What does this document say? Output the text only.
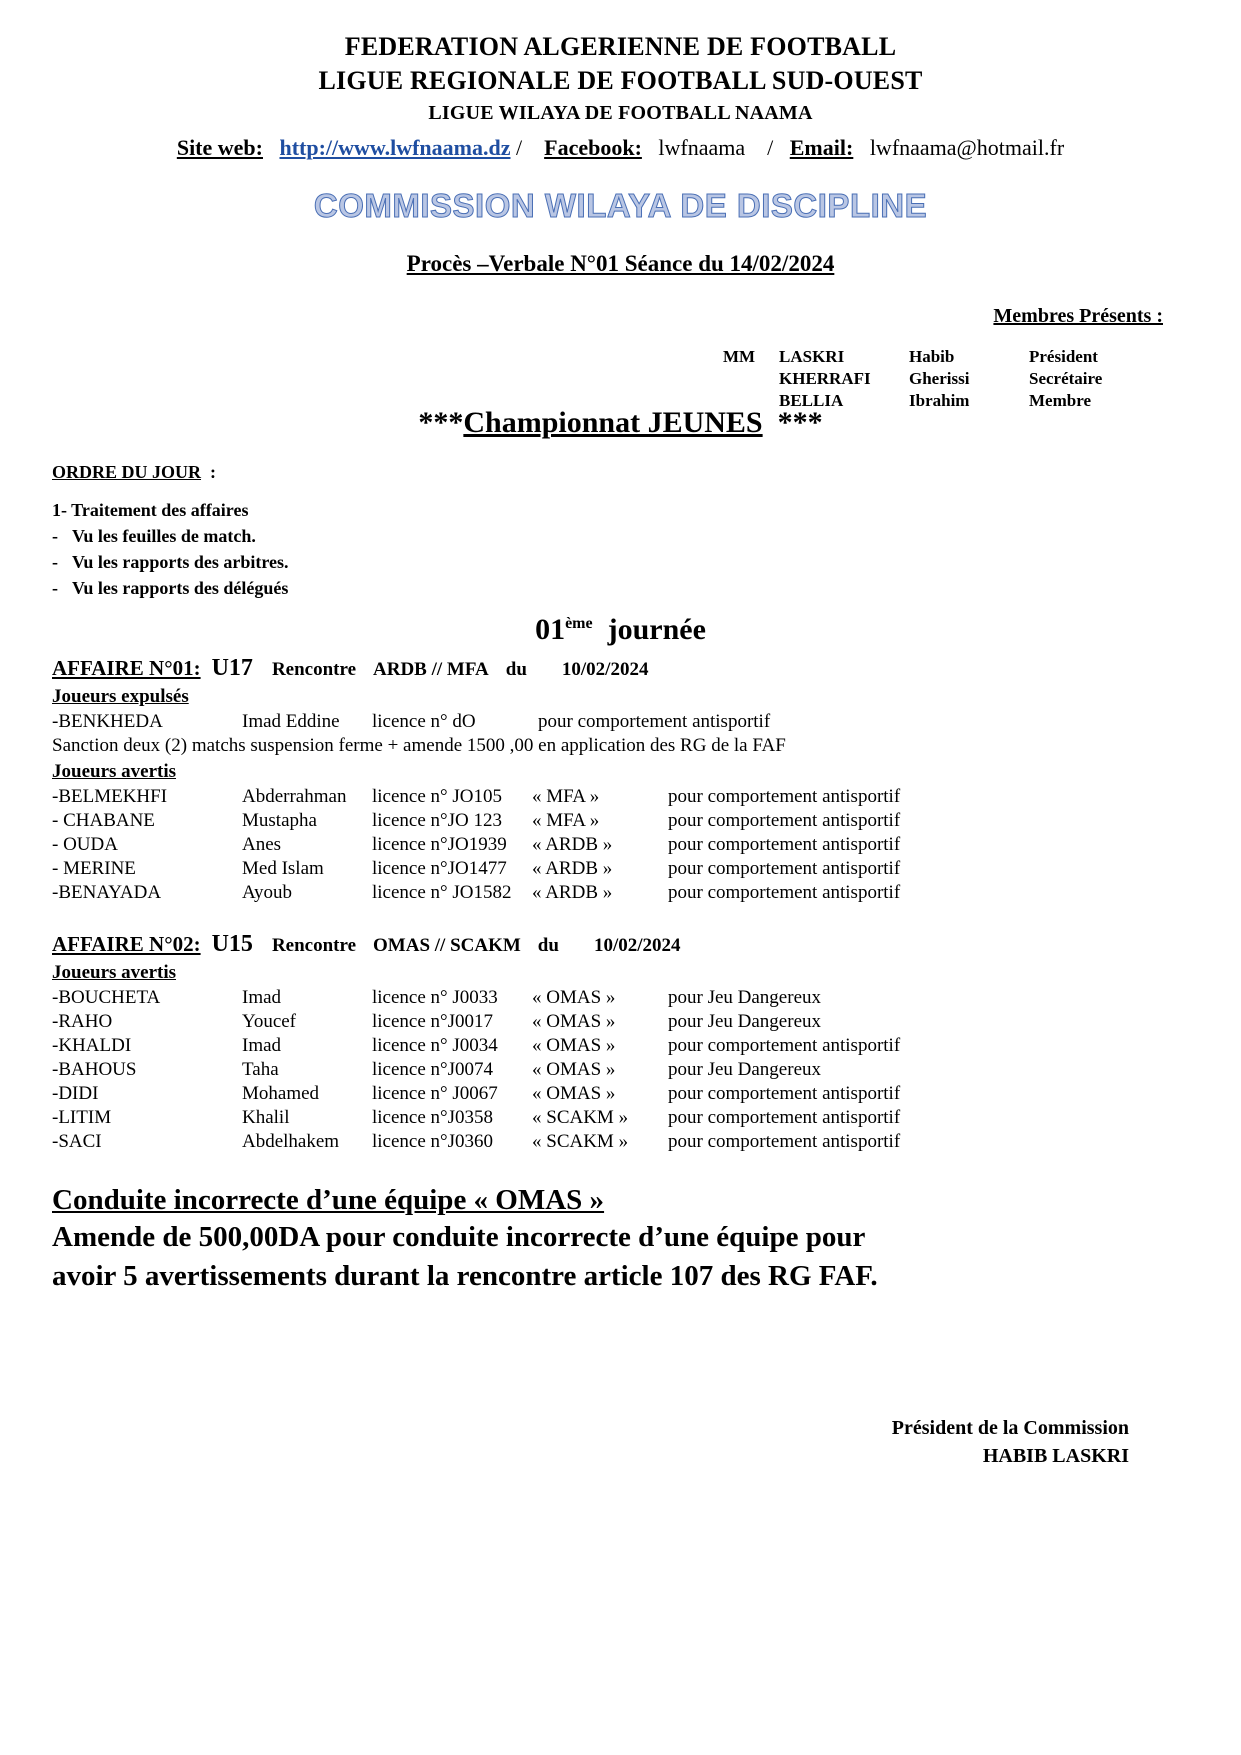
FEDERATION ALGERIENNE DE FOOTBALL
LIGUE REGIONALE DE FOOTBALL SUD-OUEST
LIGUE WILAYA DE FOOTBALL NAAMA
Site web: http://www.lwfnaama.dz / Facebook: lwfnaama / Email: lwfnaama@hotmail.fr
COMMISSION WILAYA DE DISCIPLINE
Procès –Verbale N°01 Séance du 14/02/2024
Membres Présents :
MM	LASKRI	Habib	Président
	KHERRAFI	Gherissi	Secrétaire
	BELLIA	Ibrahim	Membre
***Championnat JEUNES ***
ORDRE DU JOUR :
1- Traitement des affaires
- Vu les feuilles de match.
- Vu les rapports des arbitres.
- Vu les rapports des délégués
01ème journée
AFFAIRE N°01: U17 Rencontre ARDB // MFA du 10/02/2024
Joueurs expulsés
-BENKHEDA	Imad Eddine	licence n° dO	pour comportement antisportif
Sanction deux (2) matchs suspension ferme + amende 1500 ,00 en application des RG de la FAF
Joueurs avertis
-BELMEKHFI	Abderrahman	licence n° JO105	« MFA »	pour comportement antisportif
- CHABANE	Mustapha	licence n°JO 123	« MFA »	pour comportement antisportif
- OUDA	Anes	licence n°JO1939	« ARDB »	pour comportement antisportif
- MERINE	Med Islam	licence n°JO1477	« ARDB »	pour comportement antisportif
-BENAYADA	Ayoub	licence n° JO1582	« ARDB »	pour comportement antisportif
AFFAIRE N°02: U15 Rencontre OMAS // SCAKM du 10/02/2024
Joueurs avertis
-BOUCHETA	Imad	licence n° J0033	« OMAS »	pour Jeu Dangereux
-RAHO	Youcef	licence n°J0017	« OMAS »	pour Jeu Dangereux
-KHALDI	Imad	licence n° J0034	« OMAS »	pour comportement antisportif
-BAHOUS	Taha	licence n°J0074	« OMAS »	pour Jeu Dangereux
-DIDI	Mohamed	licence n° J0067	« OMAS »	pour comportement antisportif
-LITIM	Khalil	licence n°J0358	« SCAKM »	pour comportement antisportif
-SACI	Abdelhakem	licence n°J0360	« SCAKM »	pour comportement antisportif
Conduite incorrecte d’une équipe « OMAS »
Amende de 500,00DA pour conduite incorrecte d’une équipe pour
avoir 5 avertissements durant la rencontre article 107 des RG FAF.
Président de la Commission
HABIB LASKRI
